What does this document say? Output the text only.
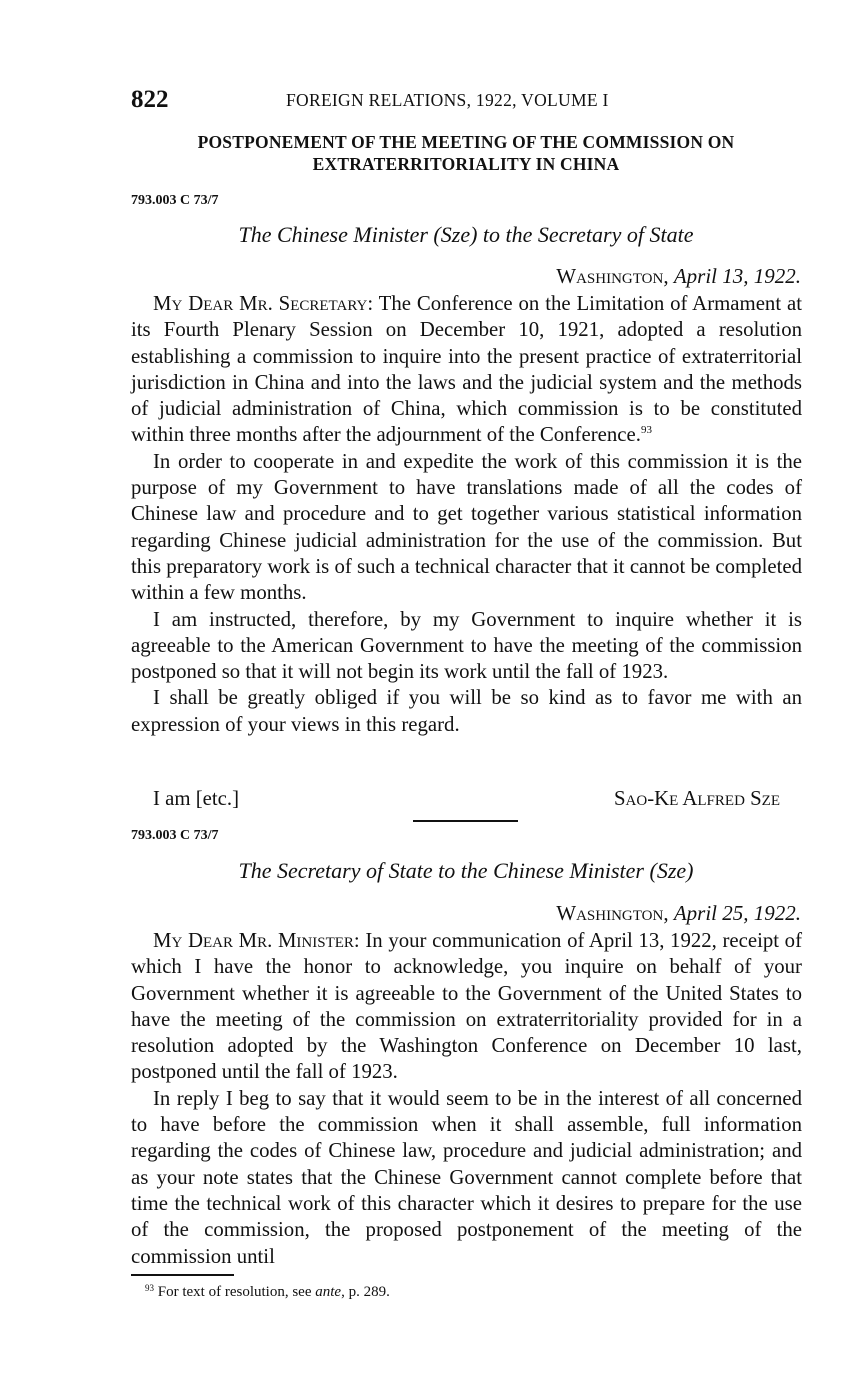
822	FOREIGN RELATIONS, 1922, VOLUME I
POSTPONEMENT OF THE MEETING OF THE COMMISSION ON
EXTRATERRITORIALITY IN CHINA
793.003 C 73/7
The Chinese Minister (Sze) to the Secretary of State
Washington, April 13, 1922.

My Dear Mr. Secretary: The Conference on the Limitation of Armament at its Fourth Plenary Session on December 10, 1921, adopted a resolution establishing a commission to inquire into the present practice of extraterritorial jurisdiction in China and into the laws and the judicial system and the methods of judicial administration of China, which commission is to be constituted within three months after the adjournment of the Conference.$^{93}$

In order to cooperate in and expedite the work of this commission it is the purpose of my Government to have translations made of all the codes of Chinese law and procedure and to get together various statistical information regarding Chinese judicial administration for the use of the commission. But this preparatory work is of such a technical character that it cannot be completed within a few months.

I am instructed, therefore, by my Government to inquire whether it is agreeable to the American Government to have the meeting of the commission postponed so that it will not begin its work until the fall of 1923.

I shall be greatly obliged if you will be so kind as to favor me with an expression of your views in this regard.

I am [etc.]	Sao-Ke Alfred Sze
793.003 C 73/7
The Secretary of State to the Chinese Minister (Sze)
Washington, April 25, 1922.

My Dear Mr. Minister: In your communication of April 13, 1922, receipt of which I have the honor to acknowledge, you inquire on behalf of your Government whether it is agreeable to the Government of the United States to have the meeting of the commission on extraterritoriality provided for in a resolution adopted by the Washington Conference on December 10 last, postponed until the fall of 1923.

In reply I beg to say that it would seem to be in the interest of all concerned to have before the commission when it shall assemble, full information regarding the codes of Chinese law, procedure and judicial administration; and as your note states that the Chinese Government cannot complete before that time the technical work of this character which it desires to prepare for the use of the commission, the proposed postponement of the meeting of the commission until

$^{93}$ For text of resolution, see ante, p. 289.
